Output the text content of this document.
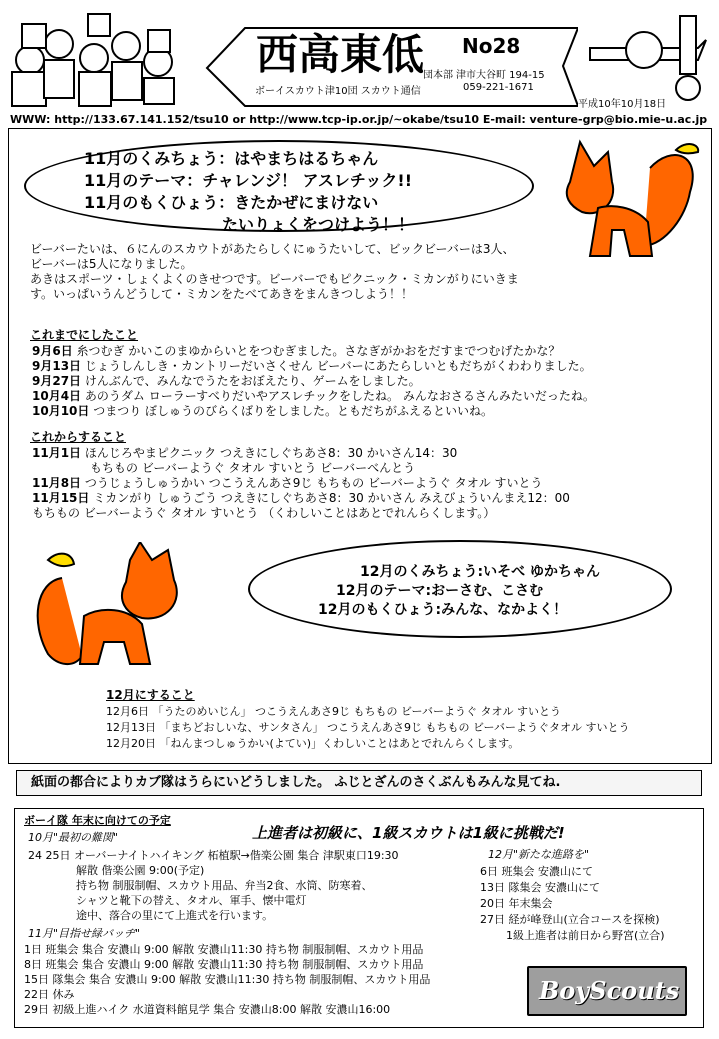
西高東低 No28
団本部 津市大谷町 194-15
ボーイスカウト津10団 スカウト通信	059-221-1671
平成10年10月18日
WWW: http://133.67.141.152/tsu10 or http://www.tcp-ip.or.jp/~okabe/tsu10 E-mail: venture-grp@bio.mie-u.ac.jp
11月のくみちょう：はやまちはるちゃん
11月のテーマ：チャレンジ！ アスレチック!!
11月のもくひょう：きたかぜにまけない
たいりょくをつけよう！！
ビーバーたいは、６にんのスカウトがあたらしくにゅうたいして、ビックビーバーは3人、
ビーバーは5人になりました。
あきはスポーツ・しょくよくのきせつです。ビーバーでもピクニック・ミカンがりにいきま
す。いっぱいうんどうして・ミカンをたべてあきをまんきつしよう！！
これまでにしたこと
9月6日 糸つむぎ かいこのまゆからいとをつむぎました。さなぎがかおをだすまでつむげたかな？
9月13日 じょうしんしき・カントリーだいさくせん ビーバーにあたらしいともだちがくわわりました。
9月27日 けんぶんで、みんなでうたをおぼえたり、ゲームをしました。
10月4日 あのうダム ローラーすべりだいやアスレチックをしたね。 みんなおさるさんみたいだったね。
10月10日 つまつり ぼしゅうのびらくばりをしました。ともだちがふえるといいね。
これからすること
11月1日 ほんじろやまピクニック つえきにしぐちあさ8：30 かいさん14：30
もちもの ビーバーようぐ タオル すいとう ビーバーべんとう
11月8日 つうじょうしゅうかい つこうえんあさ9じ もちもの ビーバーようぐ タオル すいとう
11月15日 ミカンがり しゅうごう つえきにしぐちあさ8：30 かいさん みえびょういんまえ12：00
もちもの ビーバーようぐ タオル すいとう （くわしいことはあとでれんらくします。）
12月のくみちょう:いそべ ゆかちゃん
12月のテーマ:おーさむ、こさむ
12月のもくひょう:みんな、なかよく！
12月にすること
12月6日 「うたのめいじん」 つこうえんあさ9じ もちもの ビーバーようぐ タオル すいとう
12月13日 「まちどおしいな、サンタさん」 つこうえんあさ9じ もちもの ビーバーようぐタオル すいとう
12月20日 「ねんまつしゅうかい(よてい)」くわしいことはあとでれんらくします。
紙面の都合によりカブ隊はうらにいどうしました。 ふじとざんのさくぶんもみんな見てね.
ボーイ隊 年末に向けての予定
上進者は初級に、1級スカウトは1級に挑戦だ!
10月"最初の難関"
24 25日 オーバーナイトハイキング 柘植駅→偕楽公園 集合 津駅東口19:30
解散 偕楽公園 9:00(予定)
持ち物 制服制帽、スカウト用品、弁当2食、水筒、防寒着、
シャツと靴下の替え、タオル、軍手、懐中電灯
途中、落合の里にて上進式を行います。
11月"目指せ緑バッヂ"
1日 班集会 集合 安濃山 9:00 解散 安濃山11:30 持ち物 制服制帽、スカウト用品
8日 班集会 集合 安濃山 9:00 解散 安濃山11:30 持ち物 制服制帽、スカウト用品
15日 隊集会 集合 安濃山 9:00 解散 安濃山11:30 持ち物 制服制帽、スカウト用品
22日 休み
29日 初級上進ハイク 水道資料館見学 集合 安濃山8:00 解散 安濃山16:00
12月"新たな進路を"
6日 班集会 安濃山にて
13日 隊集会 安濃山にて
20日 年末集会
27日 経が峰登山(立合コースを探検)
1級上進者は前日から野宮(立合)
BoyScouts
